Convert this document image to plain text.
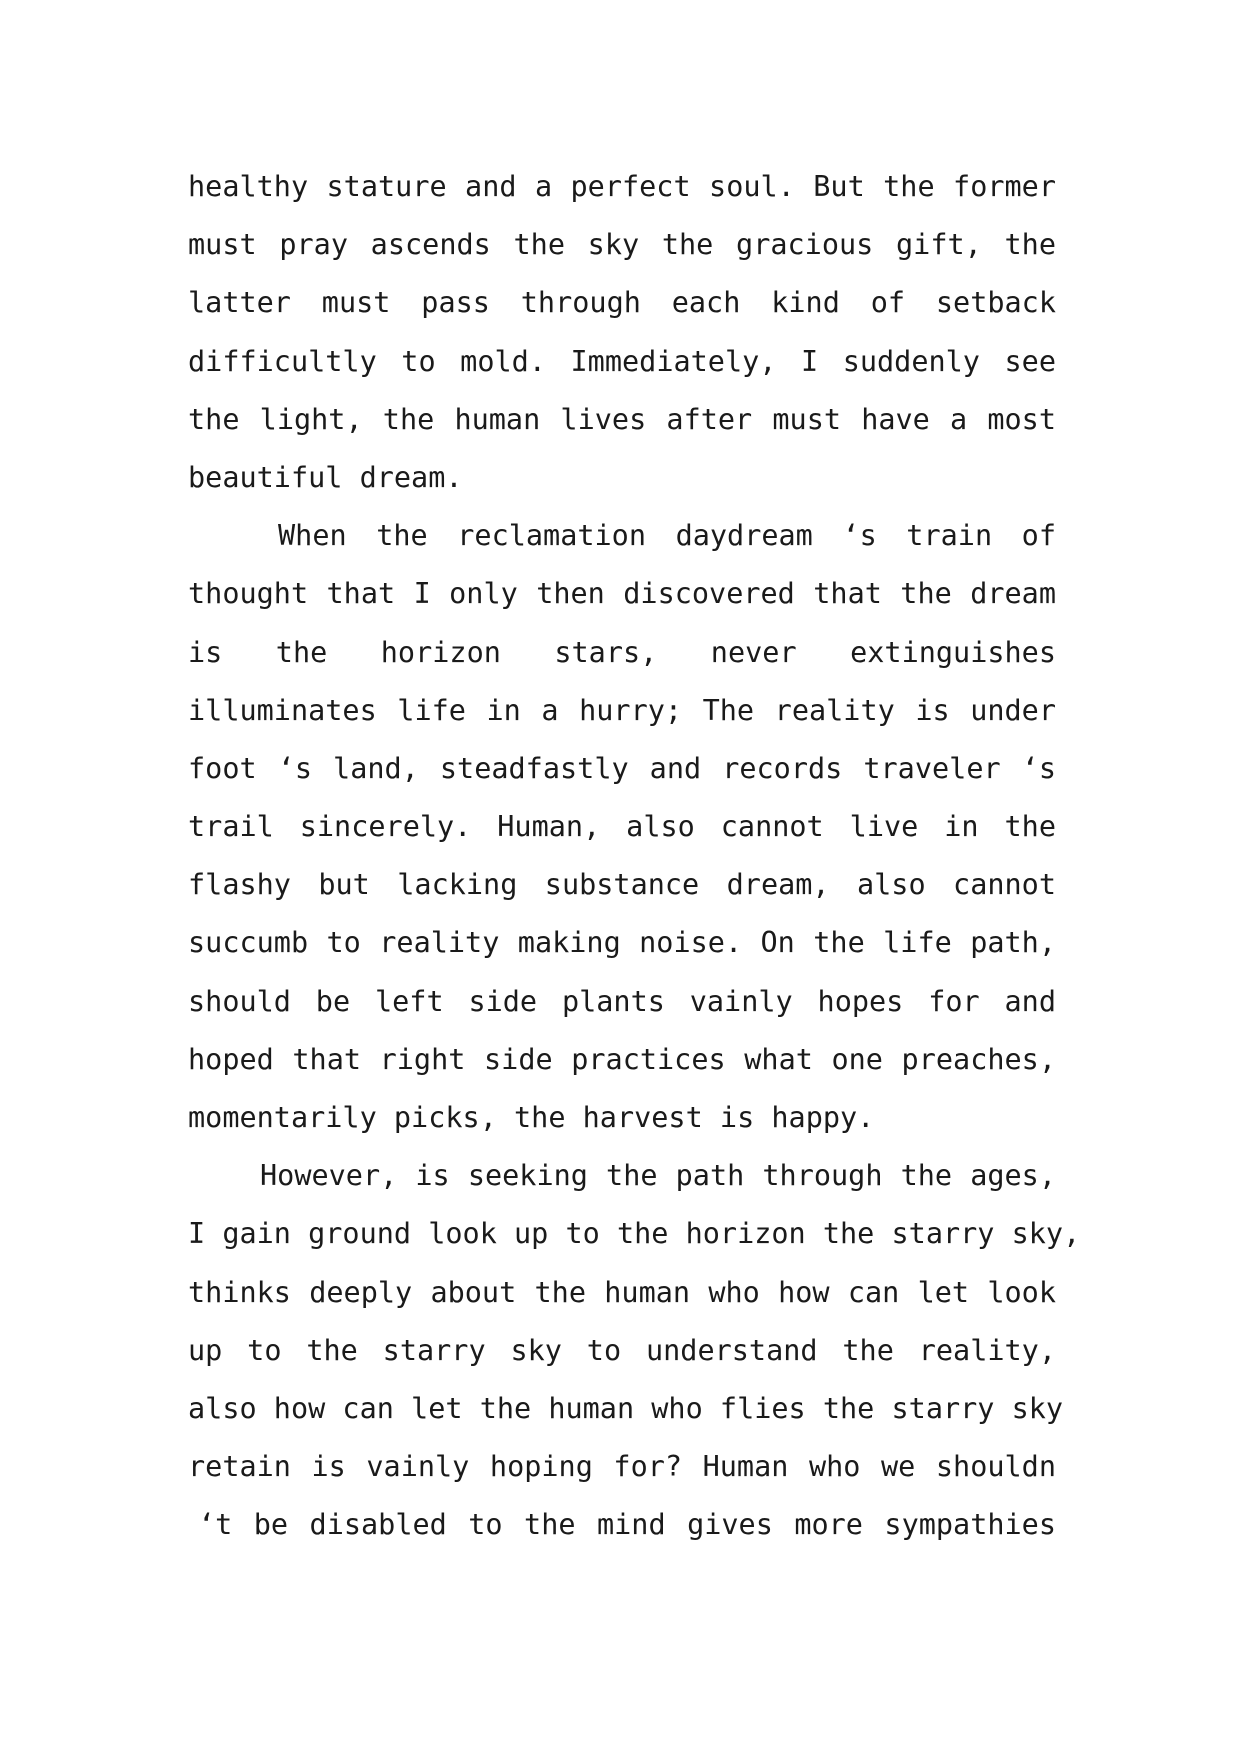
healthy stature and a perfect soul. But the former
must pray ascends the sky the gracious gift, the
latter must pass through each kind of setback
difficultly to mold. Immediately, I suddenly see
the light, the human lives after must have a most
beautiful dream.
When the reclamation daydream ‘s train of
thought that I only then discovered that the dream
is the horizon stars, never extinguishes
illuminates life in a hurry; The reality is under
foot ‘s land, steadfastly and records traveler ‘s
trail sincerely. Human, also cannot live in the
flashy but lacking substance dream, also cannot
succumb to reality making noise. On the life path,
should be left side plants vainly hopes for and
hoped that right side practices what one preaches,
momentarily picks, the harvest is happy.
However, is seeking the path through the ages,
I gain ground look up to the horizon the starry sky,
thinks deeply about the human who how can let look
up to the starry sky to understand the reality,
also how can let the human who flies the starry sky
retain is vainly hoping for? Human who we shouldn
‘t be disabled to the mind gives more sympathies
